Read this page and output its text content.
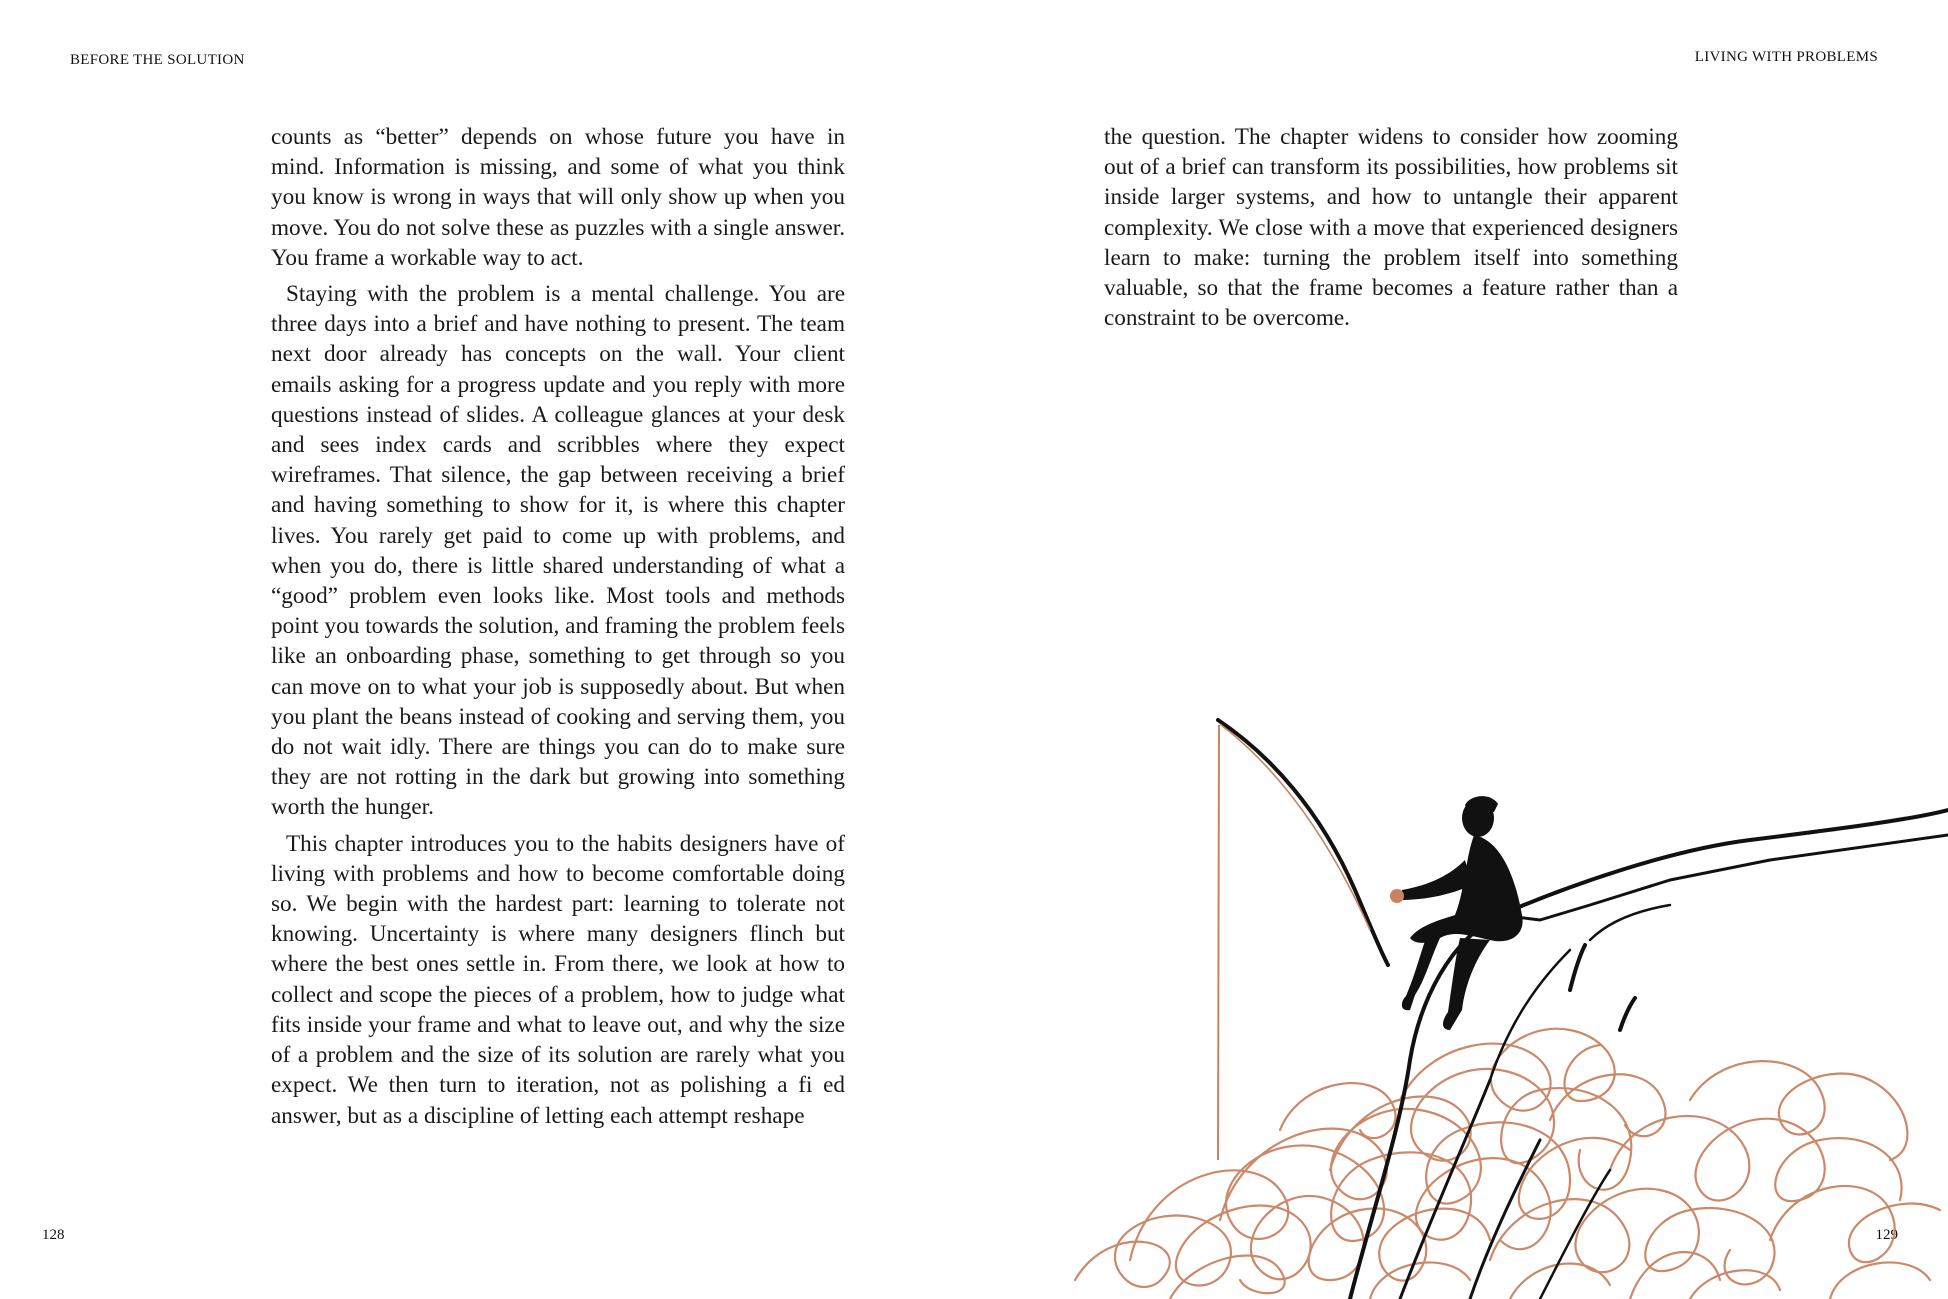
BEFORE THE SOLUTION

counts as “better” depends on whose future you have in mind. Information is missing, and some of what you think you know is wrong in ways that will only show up when you move. You do not solve these as puzzles with a single answer. You frame a workable way to act.

Staying with the problem is a mental challenge. You are three days into a brief and have nothing to present. The team next door already has concepts on the wall. Your client emails asking for a progress update and you reply with more questions instead of slides. A colleague glances at your desk and sees index cards and scribbles where they expect wireframes. That silence, the gap between receiving a brief and having something to show for it, is where this chapter lives. You rarely get paid to come up with problems, and when you do, there is little shared understanding of what a “good” problem even looks like. Most tools and methods point you towards the solution, and framing the problem feels like an onboarding phase, something to get through so you can move on to what your job is supposedly about. But when you plant the beans instead of cooking and serving them, you do not wait idly. There are things you can do to make sure they are not rotting in the dark but growing into something worth the hunger.

This chapter introduces you to the habits designers have of living with problems and how to become comfortable doing so. We begin with the hardest part: learning to tolerate not knowing. Uncertainty is where many designers flinch but where the best ones settle in. From there, we look at how to collect and scope the pieces of a problem, how to judge what fits inside your frame and what to leave out, and why the size of a problem and the size of its solution are rarely what you expect. We then turn to iteration, not as polishing a fi ed answer, but as a discipline of letting each attempt reshape

128
LIVING WITH PROBLEMS

the question. The chapter widens to consider how zooming out of a brief can transform its possibilities, how problems sit inside larger systems, and how to untangle their apparent complexity. We close with a move that experienced designers learn to make: turning the problem itself into something valuable, so that the frame becomes a feature rather than a constraint to be overcome.

129
